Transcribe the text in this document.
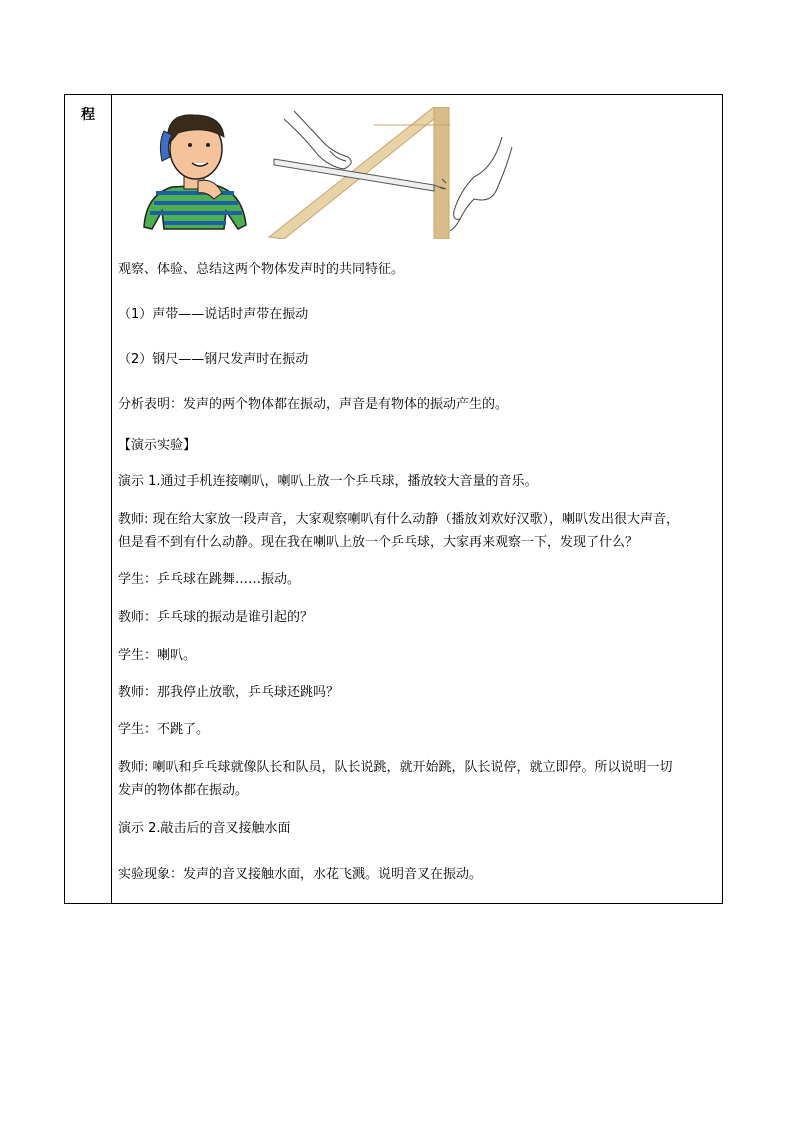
程
观察、体验、总结这两个物体发声时的共同特征。
（1）声带——说话时声带在振动
（2）钢尺——钢尺发声时在振动
分析表明：发声的两个物体都在振动，声音是有物体的振动产生的。
【演示实验】
演示 1.通过手机连接喇叭，喇叭上放一个乒乓球，播放较大音量的音乐。
教师: 现在给大家放一段声音，大家观察喇叭有什么动静（播放刘欢好汉歌），喇叭发出很大声音，
但是看不到有什么动静。现在我在喇叭上放一个乒乓球，大家再来观察一下，发现了什么？
学生：乒乓球在跳舞……振动。
教师：乒乓球的振动是谁引起的？
学生：喇叭。
教师：那我停止放歌，乒乓球还跳吗？
学生：不跳了。
教师: 喇叭和乒乓球就像队长和队员，队长说跳，就开始跳，队长说停，就立即停。所以说明一切
发声的物体都在振动。
演示 2.敲击后的音叉接触水面
实验现象：发声的音叉接触水面，水花飞溅。说明音叉在振动。
